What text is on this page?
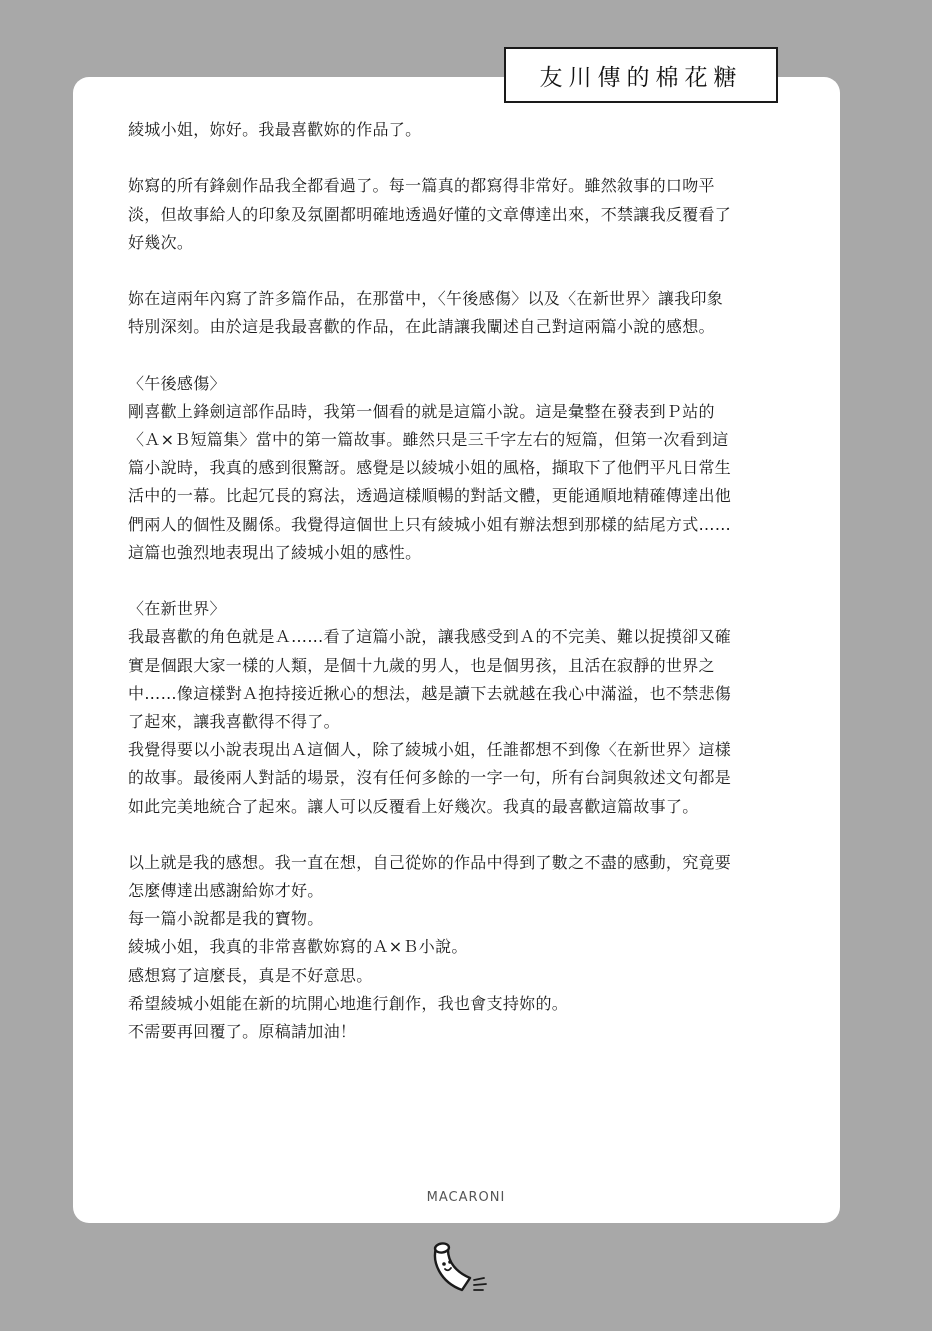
友川傳的棉花糖
綾城小姐，妳好。我最喜歡妳的作品了。
妳寫的所有鋒劍作品我全都看過了。每一篇真的都寫得非常好。雖然敘事的口吻平
淡，但故事給人的印象及氛圍都明確地透過好懂的文章傳達出來，不禁讓我反覆看了
好幾次。
妳在這兩年內寫了許多篇作品，在那當中，〈午後感傷〉以及〈在新世界〉讓我印象
特別深刻。由於這是我最喜歡的作品，在此請讓我闡述自己對這兩篇小說的感想。
〈午後感傷〉
剛喜歡上鋒劍這部作品時，我第一個看的就是這篇小說。這是彙整在發表到Ｐ站的
〈Ａ×Ｂ短篇集〉當中的第一篇故事。雖然只是三千字左右的短篇，但第一次看到這
篇小說時，我真的感到很驚訝。感覺是以綾城小姐的風格，擷取下了他們平凡日常生
活中的一幕。比起冗長的寫法，透過這樣順暢的對話文體，更能通順地精確傳達出他
們兩人的個性及關係。我覺得這個世上只有綾城小姐有辦法想到那樣的結尾方式……
這篇也強烈地表現出了綾城小姐的感性。
〈在新世界〉
我最喜歡的角色就是Ａ……看了這篇小說，讓我感受到Ａ的不完美、難以捉摸卻又確
實是個跟大家一樣的人類，是個十九歲的男人，也是個男孩，且活在寂靜的世界之
中……像這樣對Ａ抱持接近揪心的想法，越是讀下去就越在我心中滿溢，也不禁悲傷
了起來，讓我喜歡得不得了。
我覺得要以小說表現出Ａ這個人，除了綾城小姐，任誰都想不到像〈在新世界〉這樣
的故事。最後兩人對話的場景，沒有任何多餘的一字一句，所有台詞與敘述文句都是
如此完美地統合了起來。讓人可以反覆看上好幾次。我真的最喜歡這篇故事了。
以上就是我的感想。我一直在想，自己從妳的作品中得到了數之不盡的感動，究竟要
怎麼傳達出感謝給妳才好。
每一篇小說都是我的寶物。
綾城小姐，我真的非常喜歡妳寫的Ａ×Ｂ小說。
感想寫了這麼長，真是不好意思。
希望綾城小姐能在新的坑開心地進行創作，我也會支持妳的。
不需要再回覆了。原稿請加油！
MACARONI
